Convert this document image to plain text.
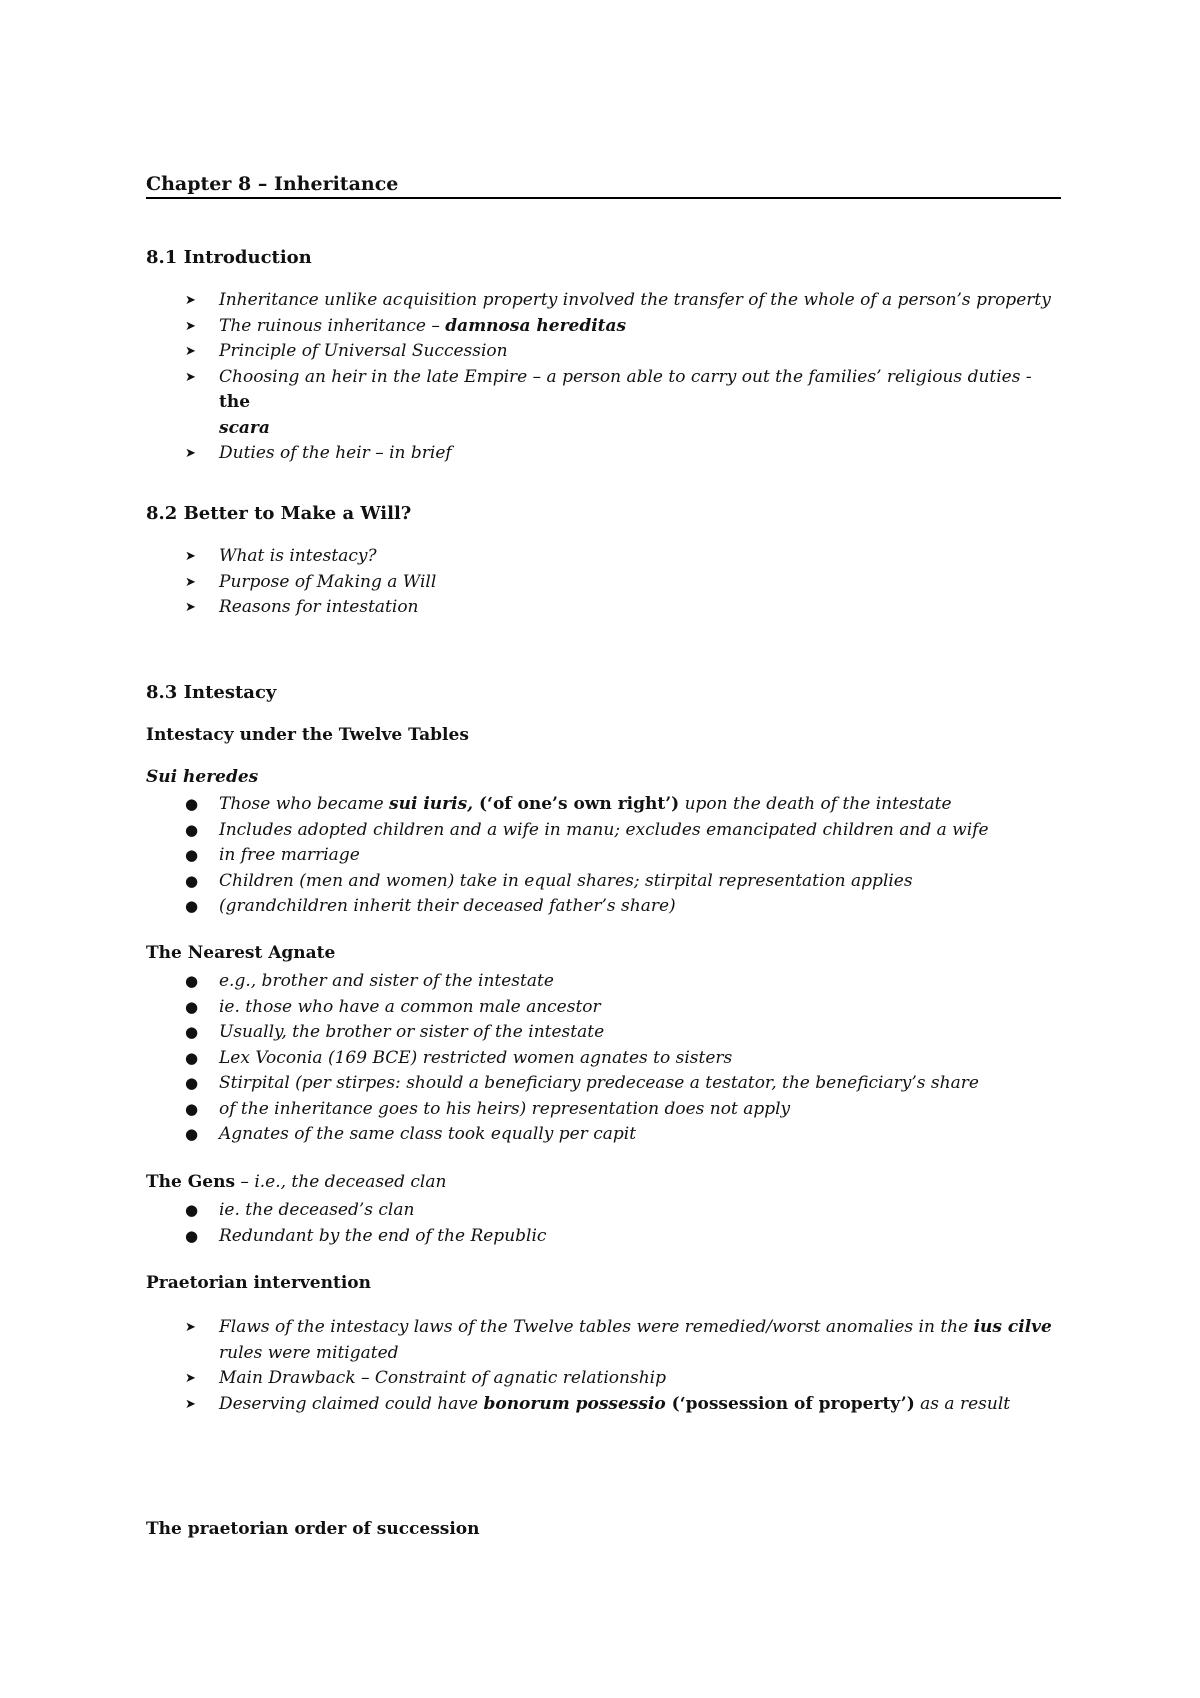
Chapter 8 – Inheritance
8.1 Introduction
➤ Inheritance unlike acquisition property involved the transfer of the whole of a person’s property
➤ The ruinous inheritance – damnosa hereditas
➤ Principle of Universal Succession
➤ Choosing an heir in the late Empire – a person able to carry out the families’ religious duties - the
scara
➤ Duties of the heir – in brief
8.2 Better to Make a Will?
➤ What is intestacy?
➤ Purpose of Making a Will
➤ Reasons for intestation
8.3 Intestacy
Intestacy under the Twelve Tables
Sui heredes
● Those who became sui iuris, (‘of one’s own right’) upon the death of the intestate
● Includes adopted children and a wife in manu; excludes emancipated children and a wife
● in free marriage
● Children (men and women) take in equal shares; stirpital representation applies
● (grandchildren inherit their deceased father’s share)
The Nearest Agnate
● e.g., brother and sister of the intestate
● ie. those who have a common male ancestor
● Usually, the brother or sister of the intestate
● Lex Voconia (169 BCE) restricted women agnates to sisters
● Stirpital (per stirpes: should a beneficiary predecease a testator, the beneficiary’s share
● of the inheritance goes to his heirs) representation does not apply
● Agnates of the same class took equally per capit
The Gens – i.e., the deceased clan
● ie. the deceased’s clan
● Redundant by the end of the Republic
Praetorian intervention
➤ Flaws of the intestacy laws of the Twelve tables were remedied/worst anomalies in the ius cilve
rules were mitigated
➤ Main Drawback – Constraint of agnatic relationship
➤ Deserving claimed could have bonorum possessio (‘possession of property’) as a result
The praetorian order of succession
